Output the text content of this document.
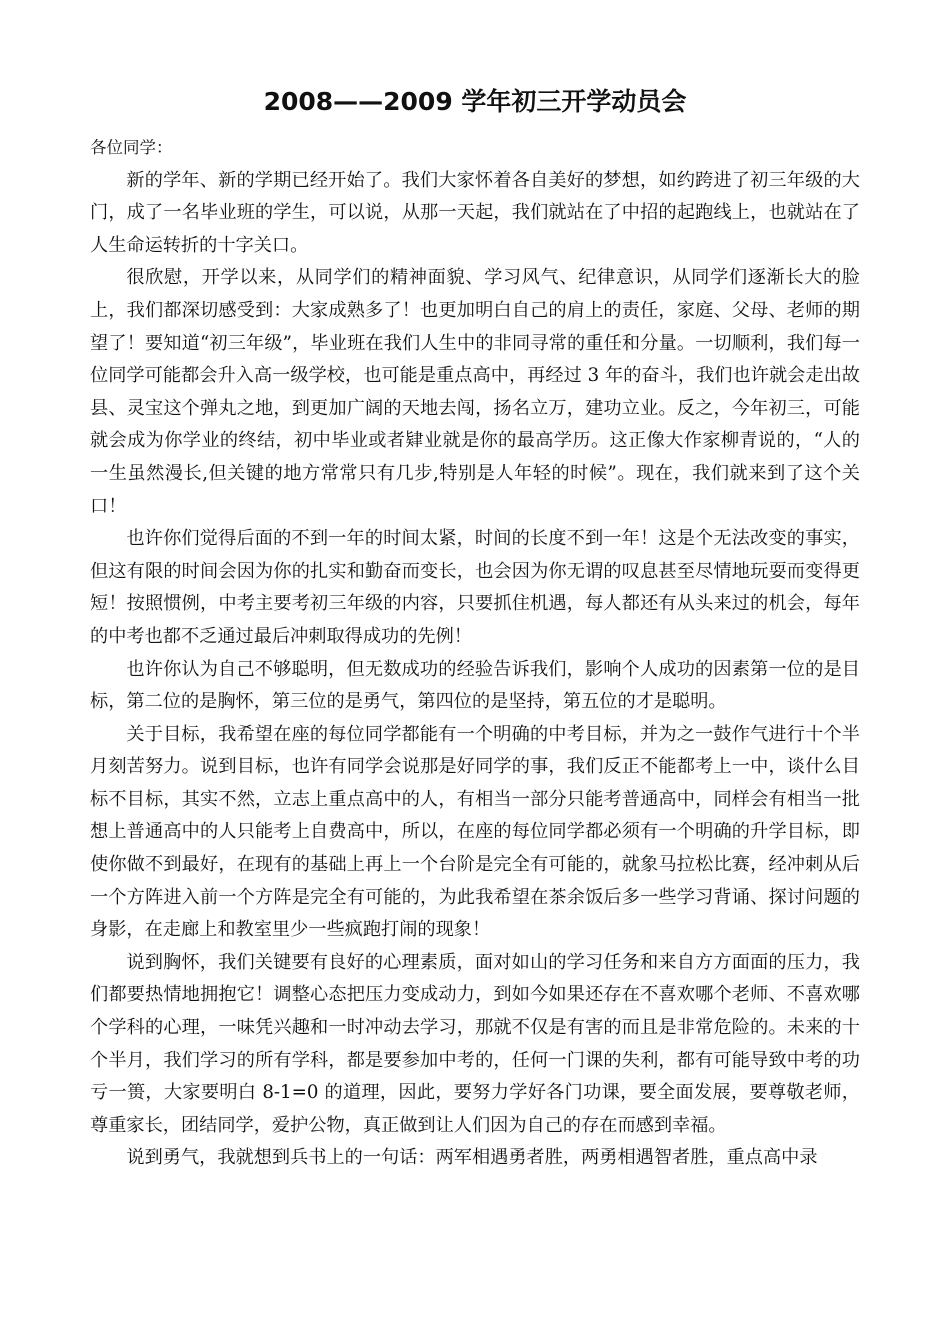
2008——2009 学年初三开学动员会

各位同学：

新的学年、新的学期已经开始了。我们大家怀着各自美好的梦想，如约跨进了初三年级的大门，成了一名毕业班的学生，可以说，从那一天起，我们就站在了中招的起跑线上，也就站在了人生命运转折的十字关口。

很欣慰，开学以来，从同学们的精神面貌、学习风气、纪律意识，从同学们逐渐长大的脸上，我们都深切感受到：大家成熟多了！也更加明白自己的肩上的责任，家庭、父母、老师的期望了！要知道“初三年级”，毕业班在我们人生中的非同寻常的重任和分量。一切顺利，我们每一位同学可能都会升入高一级学校，也可能是重点高中，再经过 3 年的奋斗，我们也许就会走出故县、灵宝这个弹丸之地，到更加广阔的天地去闯，扬名立万，建功立业。反之，今年初三，可能就会成为你学业的终结，初中毕业或者肄业就是你的最高学历。这正像大作家柳青说的，“人的一生虽然漫长,但关键的地方常常只有几步,特别是人年轻的时候”。现在，我们就来到了这个关口！

也许你们觉得后面的不到一年的时间太紧，时间的长度不到一年！这是个无法改变的事实，但这有限的时间会因为你的扎实和勤奋而变长，也会因为你无谓的叹息甚至尽情地玩耍而变得更短！按照惯例，中考主要考初三年级的内容，只要抓住机遇，每人都还有从头来过的机会，每年的中考也都不乏通过最后冲刺取得成功的先例！

也许你认为自己不够聪明，但无数成功的经验告诉我们，影响个人成功的因素第一位的是目标，第二位的是胸怀，第三位的是勇气，第四位的是坚持，第五位的才是聪明。

关于目标，我希望在座的每位同学都能有一个明确的中考目标，并为之一鼓作气进行十个半月刻苦努力。说到目标，也许有同学会说那是好同学的事，我们反正不能都考上一中，谈什么目标不目标，其实不然，立志上重点高中的人，有相当一部分只能考普通高中，同样会有相当一批想上普通高中的人只能考上自费高中，所以，在座的每位同学都必须有一个明确的升学目标，即使你做不到最好，在现有的基础上再上一个台阶是完全有可能的，就象马拉松比赛，经冲刺从后一个方阵进入前一个方阵是完全有可能的，为此我希望在茶余饭后多一些学习背诵、探讨问题的身影，在走廊上和教室里少一些疯跑打闹的现象！

说到胸怀，我们关键要有良好的心理素质，面对如山的学习任务和来自方方面面的压力，我们都要热情地拥抱它！调整心态把压力变成动力，到如今如果还存在不喜欢哪个老师、不喜欢哪个学科的心理，一味凭兴趣和一时冲动去学习，那就不仅是有害的而且是非常危险的。未来的十个半月，我们学习的所有学科，都是要参加中考的，任何一门课的失利，都有可能导致中考的功亏一篑，大家要明白 8-1=0 的道理，因此，要努力学好各门功课，要全面发展，要尊敬老师，尊重家长，团结同学，爱护公物，真正做到让人们因为自己的存在而感到幸福。

说到勇气，我就想到兵书上的一句话：两军相遇勇者胜，两勇相遇智者胜，重点高中录
